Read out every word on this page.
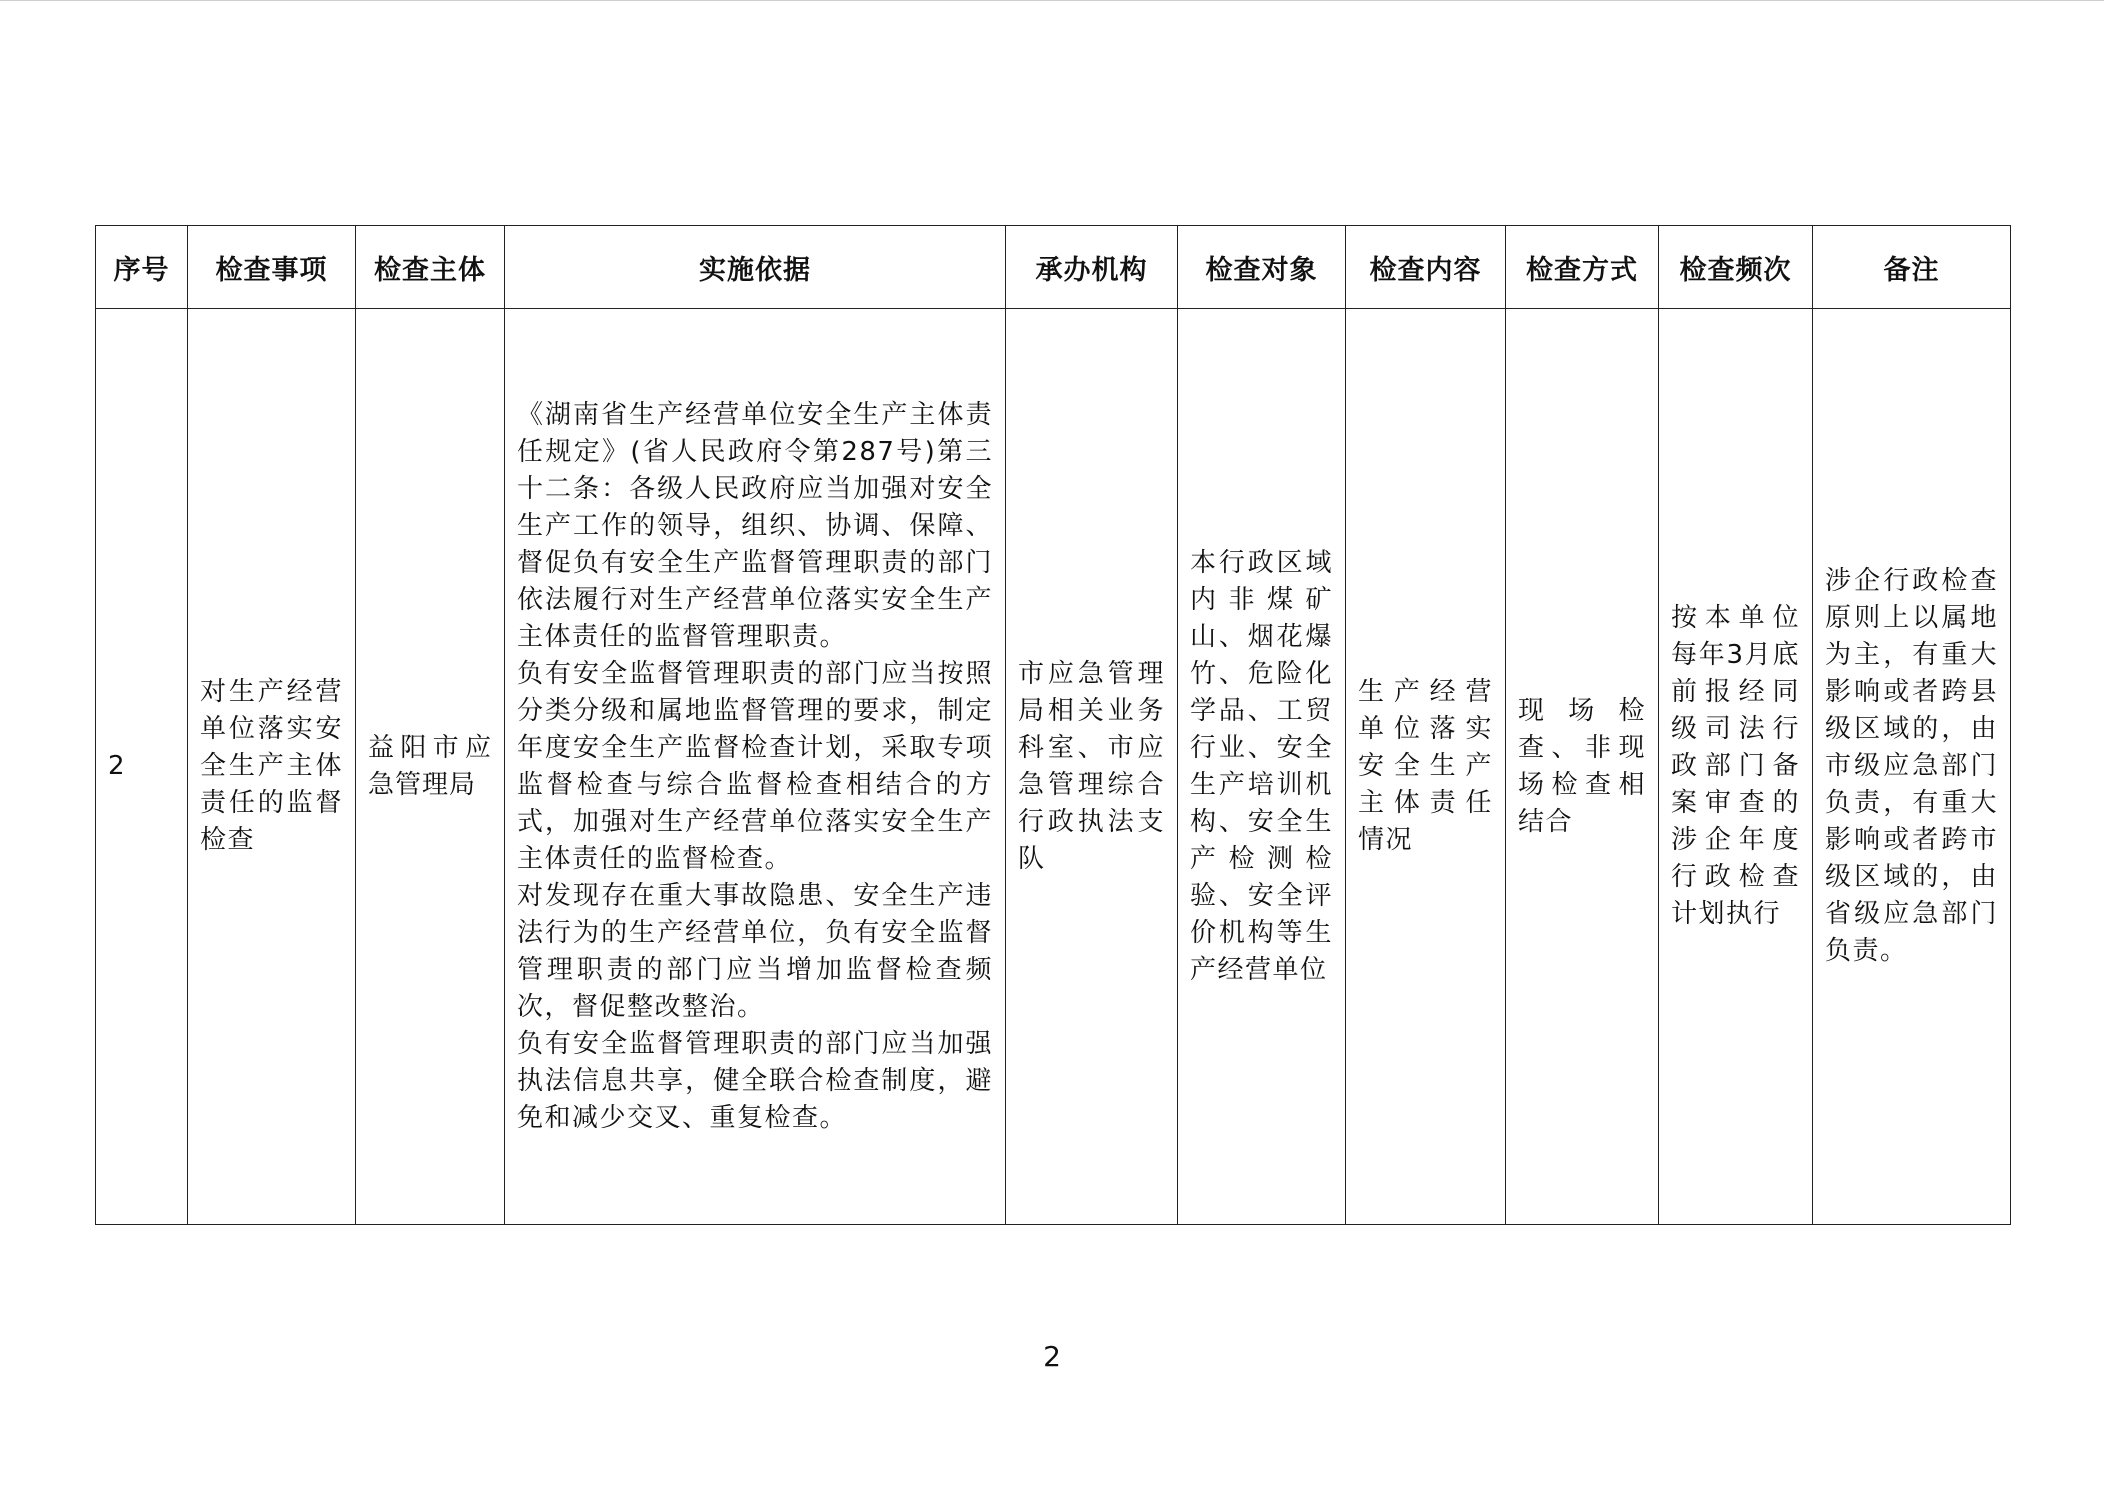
序号	检查事项	检查主体	实施依据	承办机构	检查对象	检查内容	检查方式	检查频次	备注
2	对生产经营单位落实安全生产主体责任的监督检查	益阳市应急管理局	《湖南省生产经营单位安全生产主体责任规定》(省人民政府令第287号)第三十二条：各级人民政府应当加强对安全生产工作的领导，组织、协调、保障、督促负有安全生产监督管理职责的部门依法履行对生产经营单位落实安全生产主体责任的监督管理职责。
负有安全监督管理职责的部门应当按照分类分级和属地监督管理的要求，制定年度安全生产监督检查计划，采取专项监督检查与综合监督检查相结合的方式，加强对生产经营单位落实安全生产主体责任的监督检查。
对发现存在重大事故隐患、安全生产违法行为的生产经营单位，负有安全监督管理职责的部门应当增加监督检查频次，督促整改整治。
负有安全监督管理职责的部门应当加强执法信息共享，健全联合检查制度，避免和减少交叉、重复检查。	市应急管理局相关业务科室、市应急管理综合行政执法支队	本行政区域内非煤矿山、烟花爆竹、危险化学品、工贸行业、安全生产培训机构、安全生产检测检验、安全评价机构等生产经营单位	生产经营单位落实安全生产主体责任情况	现场检查、非现场检查相结合	按本单位每年3月底前报经同级司法行政部门备案审查的涉企年度行政检查计划执行	涉企行政检查原则上以属地为主，有重大影响或者跨县级区域的，由市级应急部门负责，有重大影响或者跨市级区域的，由省级应急部门负责。
2
